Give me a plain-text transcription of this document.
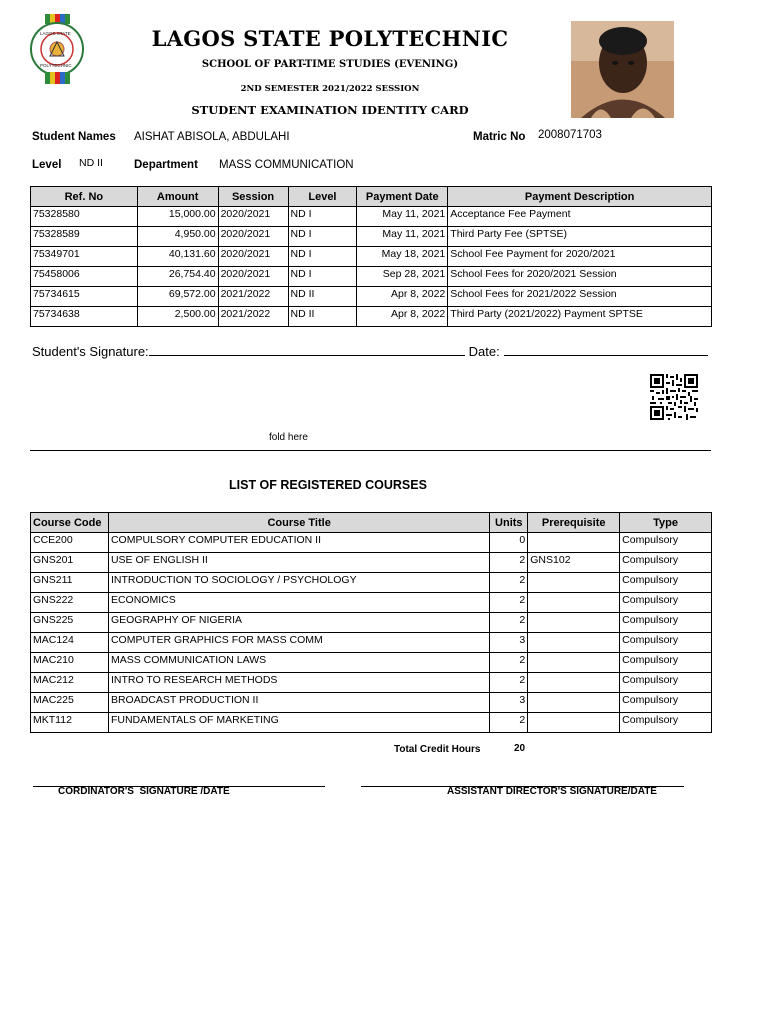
LAGOS STATE
POLYTECHNIC
LAGOS STATE POLYTECHNIC
SCHOOL OF PART-TIME STUDIES (EVENING)
2ND SEMESTER 2021/2022 SESSION
STUDENT EXAMINATION IDENTITY CARD
Student Names AISHAT ABISOLA, ABDULAHI	Matric No 2008071703
Level ND II	Department MASS COMMUNICATION
Ref. No	Amount	Session	Level	Payment Date	Payment Description
75328580	15,000.00	2020/2021	ND I	May 11, 2021	Acceptance Fee Payment
75328589	4,950.00	2020/2021	ND I	May 11, 2021	Third Party Fee (SPTSE)
75349701	40,131.60	2020/2021	ND I	May 18, 2021	School Fee Payment for 2020/2021
75458006	26,754.40	2020/2021	ND I	Sep 28, 2021	School Fees for 2020/2021 Session
75734615	69,572.00	2021/2022	ND II	Apr 8, 2022	School Fees for 2021/2022 Session
75734638	2,500.00	2021/2022	ND II	Apr 8, 2022	Third Party (2021/2022) Payment SPTSE
Student's Signature:	Date:
fold here
LIST OF REGISTERED COURSES
Course Code	Course Title	Units	Prerequisite	Type
CCE200	COMPULSORY COMPUTER EDUCATION II	0		Compulsory
GNS201	USE OF ENGLISH II	2	GNS102	Compulsory
GNS211	INTRODUCTION TO SOCIOLOGY / PSYCHOLOGY	2		Compulsory
GNS222	ECONOMICS	2		Compulsory
GNS225	GEOGRAPHY OF NIGERIA	2		Compulsory
MAC124	COMPUTER GRAPHICS FOR MASS COMM	3		Compulsory
MAC210	MASS COMMUNICATION LAWS	2		Compulsory
MAC212	INTRO TO RESEARCH METHODS	2		Compulsory
MAC225	BROADCAST PRODUCTION II	3		Compulsory
MKT112	FUNDAMENTALS OF MARKETING	2		Compulsory
Total Credit Hours	20
CORDINATOR'S  SIGNATURE /DATE	ASSISTANT DIRECTOR'S SIGNATURE/DATE
